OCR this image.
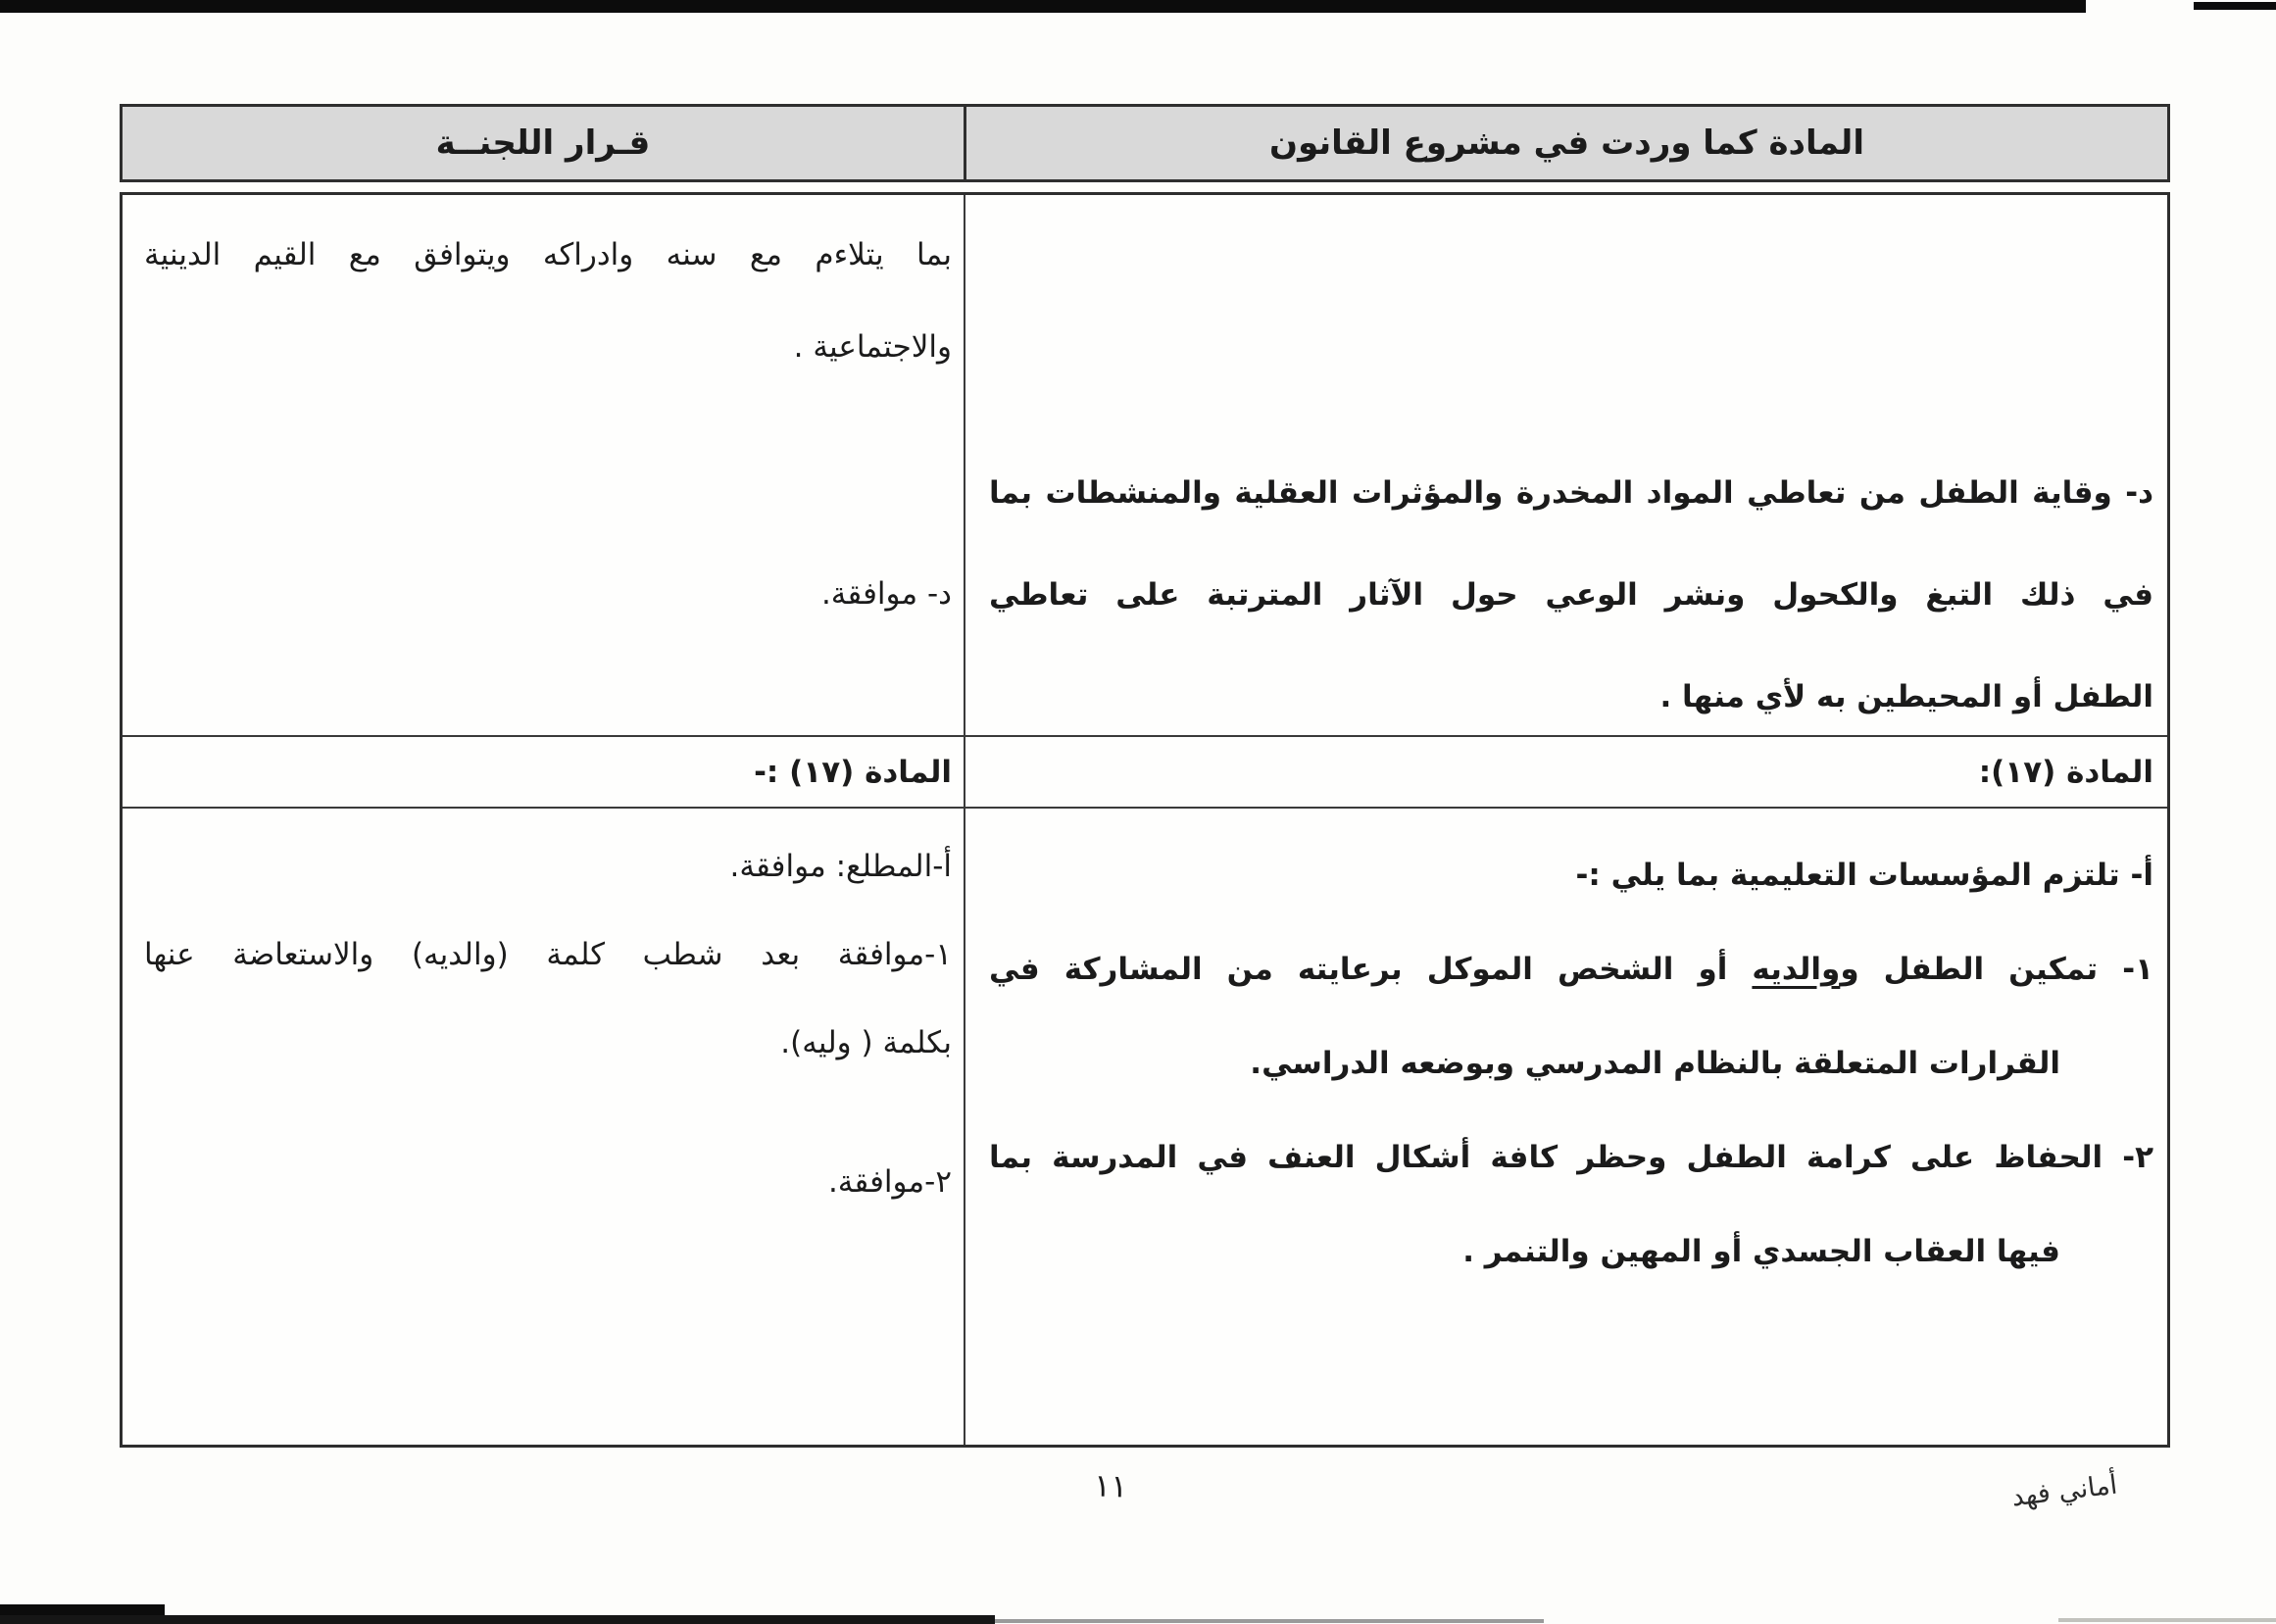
المادة كما وردت في مشروع القانون
قـرار اللجنــة
د- وقاية الطفل من تعاطي المواد المخدرة والمؤثرات العقلية والمنشطات بما
في ذلك التبغ والكحول ونشر الوعي حول الآثار المترتبة على تعاطي
الطفل أو المحيطين به لأي منها .
بما يتلاءم مع سنه وادراكه ويتوافق مع القيم الدينية
والاجتماعية .
د- موافقة.
المادة (١٧):
المادة (١٧) :-
أ- تلتزم المؤسسات التعليمية بما يلي :-
١- تمكين الطفل ووالديه أو الشخص الموكل برعايته من المشاركة في
القرارات المتعلقة بالنظام المدرسي وبوضعه الدراسي.
٢- الحفاظ على كرامة الطفل وحظر كافة أشكال العنف في المدرسة بما
فيها العقاب الجسدي أو المهين والتنمر .
أ-المطلع: موافقة.
١-موافقة بعد شطب كلمة (والديه) والاستعاضة عنها
بكلمة ( وليه).
٢-موافقة.
١١	أماني فهد
